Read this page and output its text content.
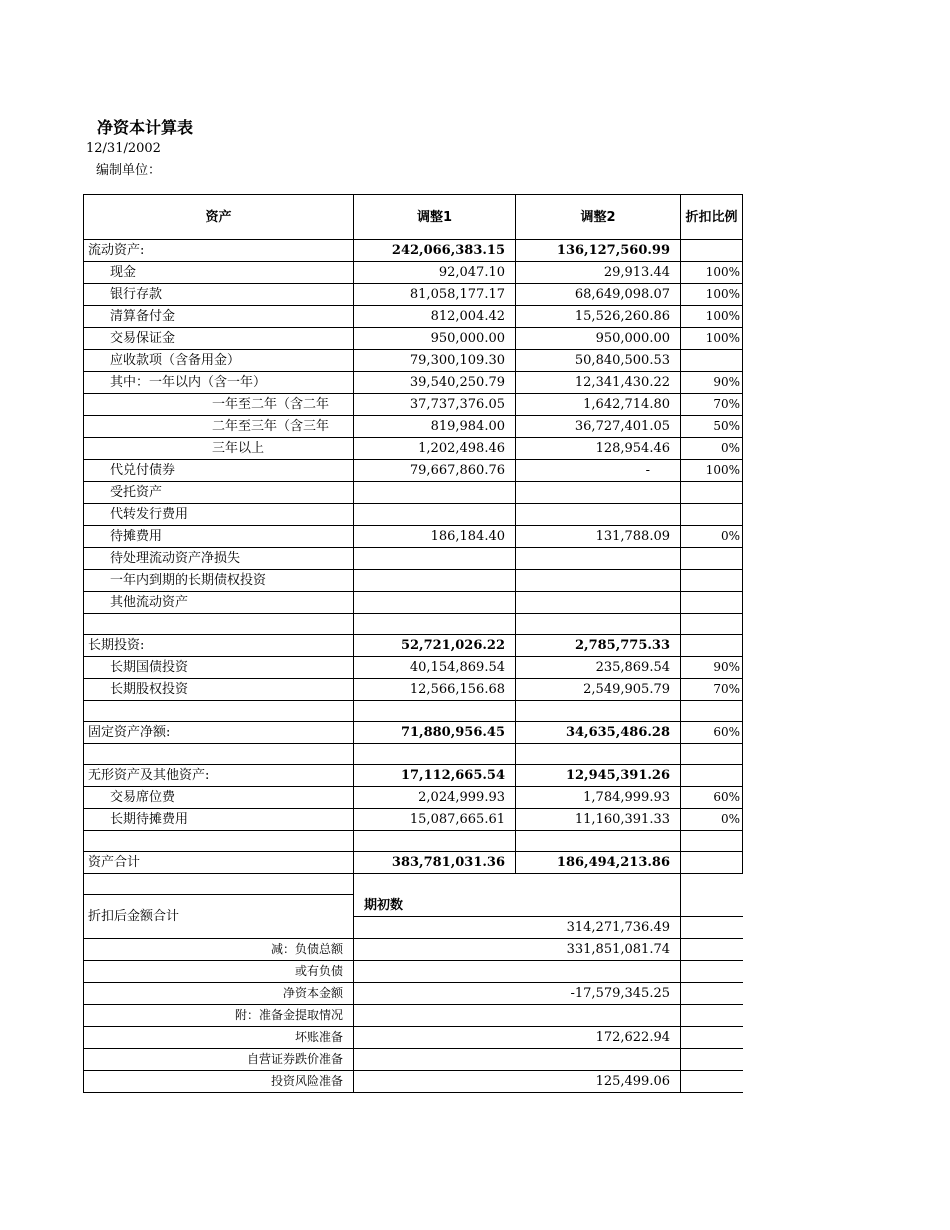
净资本计算表
12/31/2002
编制单位：
资产	调整1	调整2	折扣比例
流动资产:	242,066,383.15	136,127,560.99	
现金	92,047.10	29,913.44	100%
银行存款	81,058,177.17	68,649,098.07	100%
清算备付金	812,004.42	15,526,260.86	100%
交易保证金	950,000.00	950,000.00	100%
应收款项（含备用金）	79,300,109.30	50,840,500.53	
其中：一年以内（含一年）	39,540,250.79	12,341,430.22	90%
一年至二年（含二年	37,737,376.05	1,642,714.80	70%
二年至三年（含三年	819,984.00	36,727,401.05	50%
三年以上	1,202,498.46	128,954.46	0%
代兑付债券	79,667,860.76	-	100%
受托资产			
代转发行费用			
待摊费用	186,184.40	131,788.09	0%
待处理流动资产净损失			
一年内到期的长期债权投资			
其他流动资产			

长期投资:	52,721,026.22	2,785,775.33	
长期国债投资	40,154,869.54	235,869.54	90%
长期股权投资	12,566,156.68	2,549,905.79	70%

固定资产净额:	71,880,956.45	34,635,486.28	60%

无形资产及其他资产:	17,112,665.54	12,945,391.26	
交易席位费	2,024,999.93	1,784,999.93	60%
长期待摊费用	15,087,665.61	11,160,391.33	0%

资产合计	383,781,031.36	186,494,213.86	

折扣后金额合计	期初数		
	314,271,736.49		
减：负债总额	331,851,081.74		
或有负债			
净资本金额	-17,579,345.25		
附：准备金提取情况			
坏账准备	172,622.94		
自营证券跌价准备			
投资风险准备	125,499.06		
